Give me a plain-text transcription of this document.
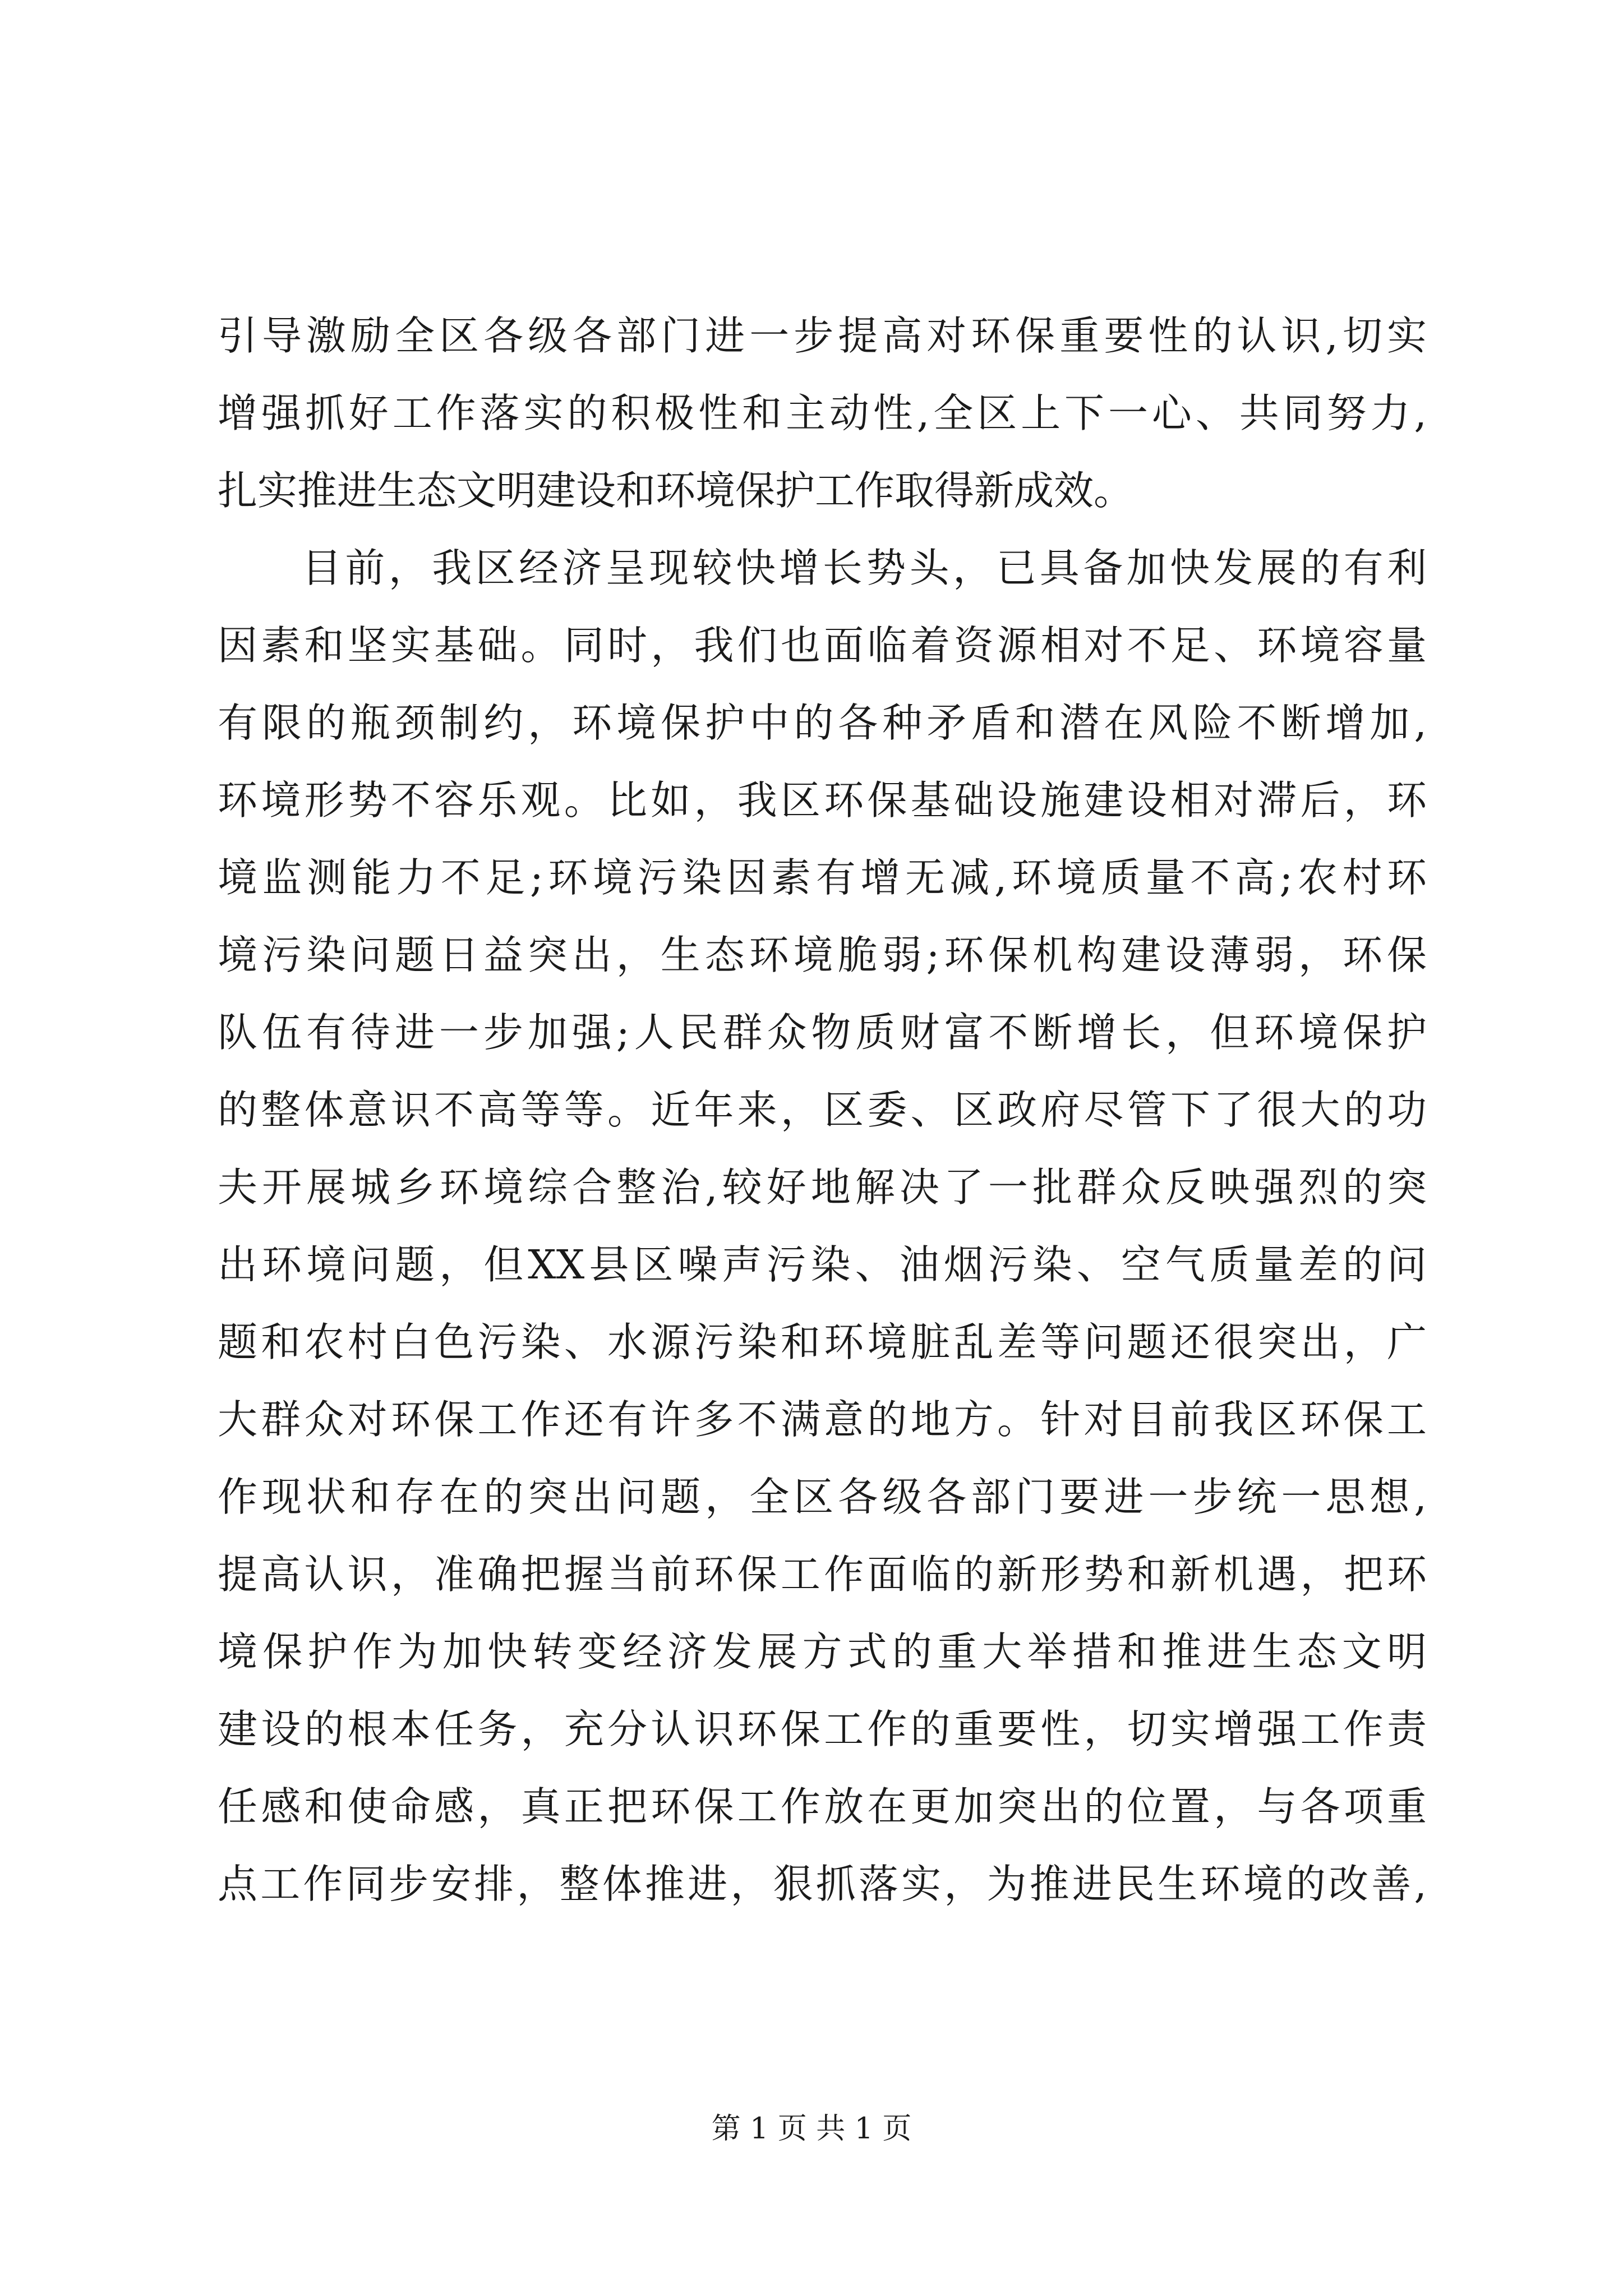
引导激励全区各级各部门进一步提高对环保重要性的认识,切实
增强抓好工作落实的积极性和主动性,全区上下一心、共同努力,
扎实推进生态文明建设和环境保护工作取得新成效。
目前，我区经济呈现较快增长势头，已具备加快发展的有利
因素和坚实基础。同时，我们也面临着资源相对不足、环境容量
有限的瓶颈制约，环境保护中的各种矛盾和潜在风险不断增加,
环境形势不容乐观。比如，我区环保基础设施建设相对滞后，环
境监测能力不足;环境污染因素有增无减,环境质量不高;农村环
境污染问题日益突出，生态环境脆弱;环保机构建设薄弱，环保
队伍有待进一步加强;人民群众物质财富不断增长，但环境保护
的整体意识不高等等。近年来，区委、区政府尽管下了很大的功
夫开展城乡环境综合整治,较好地解决了一批群众反映强烈的突
出环境问题，但XX县区噪声污染、油烟污染、空气质量差的问
题和农村白色污染、水源污染和环境脏乱差等问题还很突出，广
大群众对环保工作还有许多不满意的地方。针对目前我区环保工
作现状和存在的突出问题，全区各级各部门要进一步统一思想,
提高认识，准确把握当前环保工作面临的新形势和新机遇，把环
境保护作为加快转变经济发展方式的重大举措和推进生态文明
建设的根本任务，充分认识环保工作的重要性，切实增强工作责
任感和使命感，真正把环保工作放在更加突出的位置，与各项重
点工作同步安排，整体推进，狠抓落实，为推进民生环境的改善,
第 1 页 共 1 页
